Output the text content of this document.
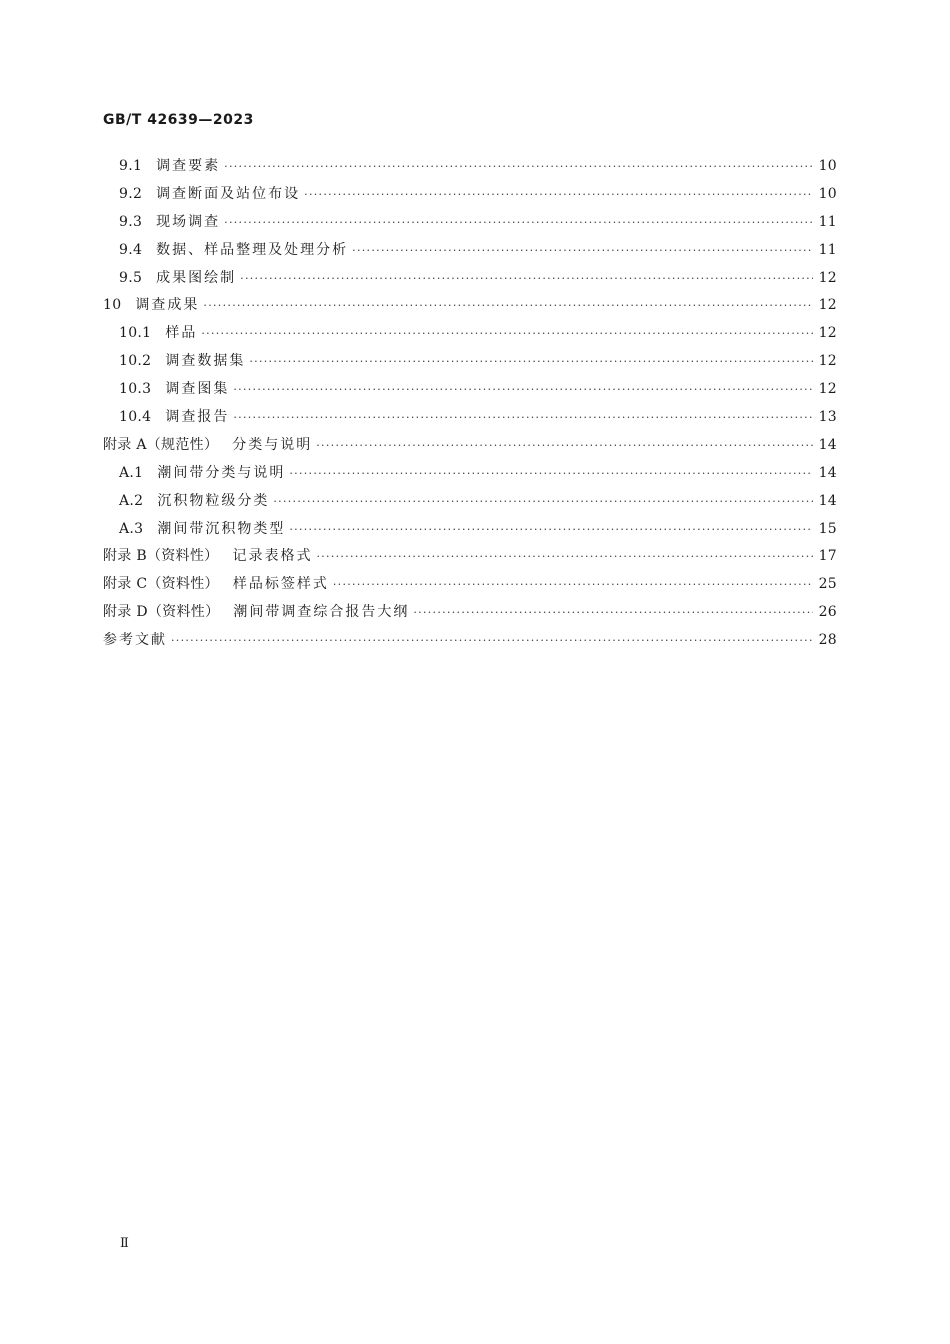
GB/T 42639—2023
9.1 调查要素 ·····	10
9.2 调查断面及站位布设 ·····	10
9.3 现场调查 ·····	11
9.4 数据、样品整理及处理分析 ·····	11
9.5 成果图绘制 ·····	12
10 调查成果 ·····	12
10.1 样品 ·····	12
10.2 调查数据集 ·····	12
10.3 调查图集 ·····	12
10.4 调查报告 ·····	13
附录 A（规范性） 分类与说明 ·····	14
A.1 潮间带分类与说明 ·····	14
A.2 沉积物粒级分类 ·····	14
A.3 潮间带沉积物类型 ·····	15
附录 B（资料性） 记录表格式 ·····	17
附录 C（资料性） 样品标签样式 ·····	25
附录 D（资料性） 潮间带调查综合报告大纲 ·····	26
参考文献 ·····	28
Ⅱ
